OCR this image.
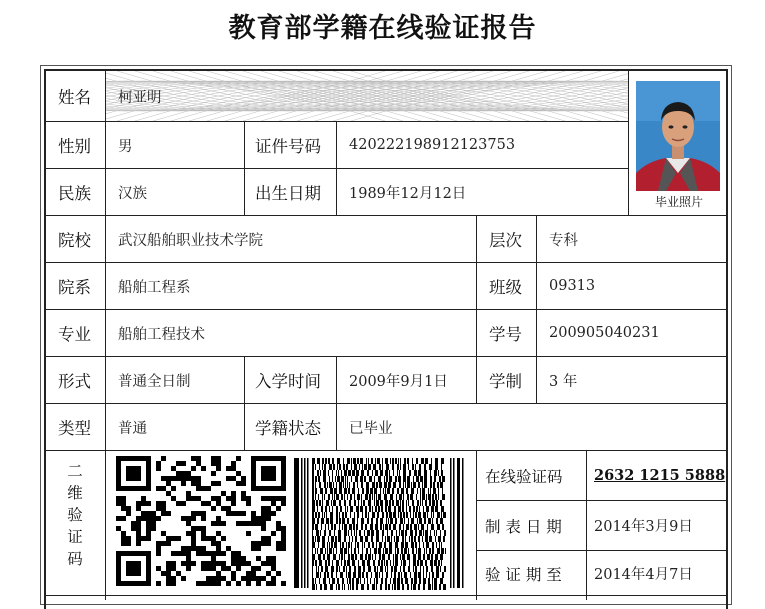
教育部学籍在线验证报告
姓名	柯亚明
性别	男	证件号码	420222198912123753
民族	汉族	出生日期	1989年12月12日
毕业照片
院校	武汉船舶职业技术学院	层次	专科
院系	船舶工程系	班级	09313
专业	船舶工程技术	学号	200905040231
形式	普通全日制	入学时间	2009年9月1日 学制	3 年
类型	普通	学籍状态	已毕业
二
维
验
证
码
在线验证码	2632 1215 5888
制 表 日 期	2014年3月9日
验 证 期 至	2014年4月7日
